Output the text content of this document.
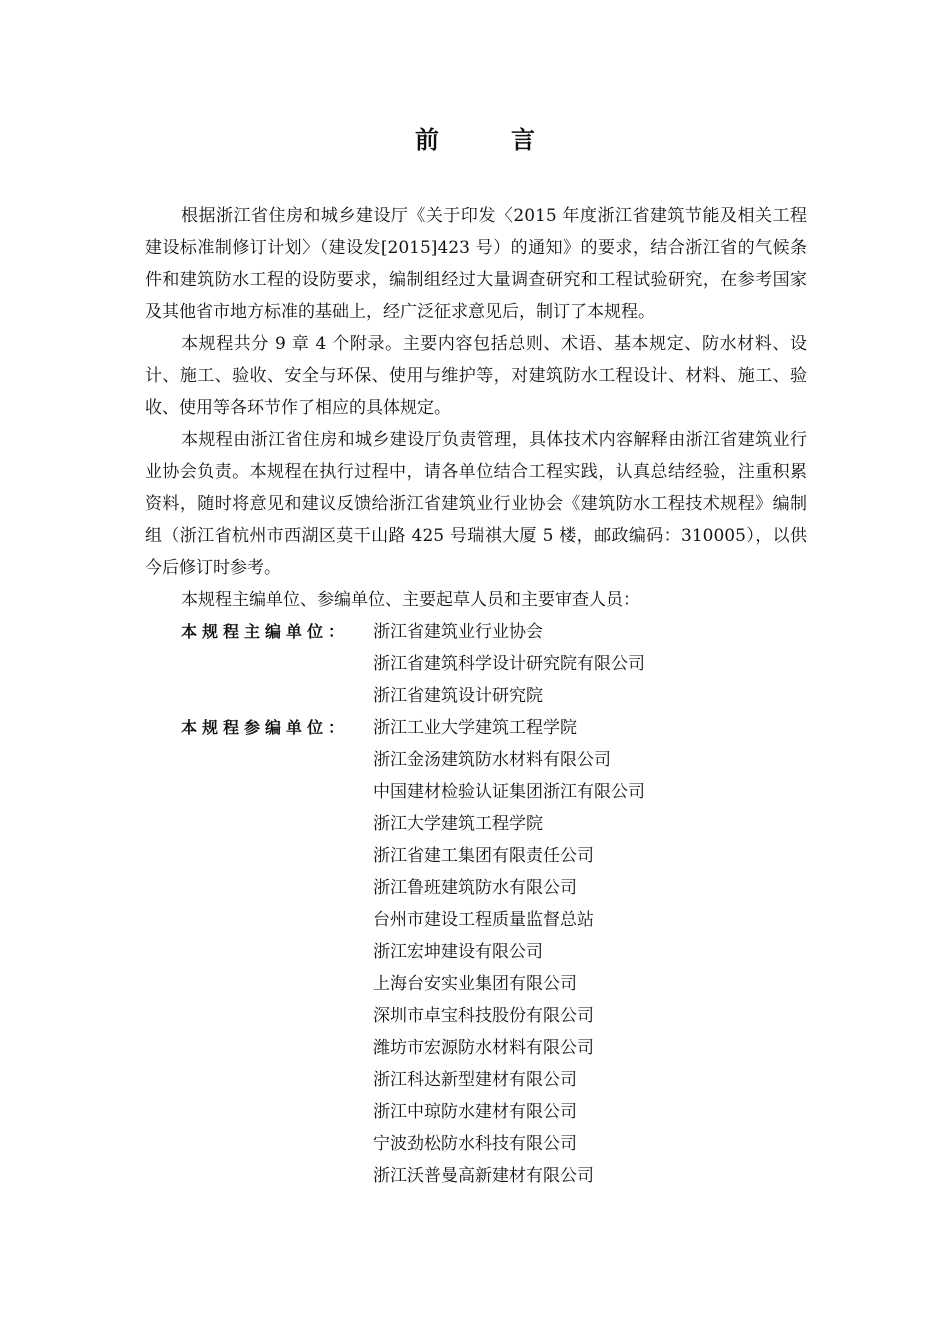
前　言

根据浙江省住房和城乡建设厅《关于印发〈2015 年度浙江省建筑节能及相关工程建设标准制修订计划〉（建设发[2015]423 号）的通知》的要求，结合浙江省的气候条件和建筑防水工程的设防要求，编制组经过大量调查研究和工程试验研究，在参考国家及其他省市地方标准的基础上，经广泛征求意见后，制订了本规程。

本规程共分 9 章 4 个附录。主要内容包括总则、术语、基本规定、防水材料、设计、施工、验收、安全与环保、使用与维护等，对建筑防水工程设计、材料、施工、验收、使用等各环节作了相应的具体规定。

本规程由浙江省住房和城乡建设厅负责管理，具体技术内容解释由浙江省建筑业行业协会负责。本规程在执行过程中，请各单位结合工程实践，认真总结经验，注重积累资料，随时将意见和建议反馈给浙江省建筑业行业协会《建筑防水工程技术规程》编制组（浙江省杭州市西湖区莫干山路 425 号瑞祺大厦 5 楼，邮政编码：310005），以供今后修订时参考。

本规程主编单位、参编单位、主要起草人员和主要审查人员：

本规程主编单位：	浙江省建筑业行业协会
浙江省建筑科学设计研究院有限公司
浙江省建筑设计研究院
本规程参编单位：	浙江工业大学建筑工程学院
浙江金汤建筑防水材料有限公司
中国建材检验认证集团浙江有限公司
浙江大学建筑工程学院
浙江省建工集团有限责任公司
浙江鲁班建筑防水有限公司
台州市建设工程质量监督总站
浙江宏坤建设有限公司
上海台安实业集团有限公司
深圳市卓宝科技股份有限公司
潍坊市宏源防水材料有限公司
浙江科达新型建材有限公司
浙江中琼防水建材有限公司
宁波劲松防水科技有限公司
浙江沃普曼高新建材有限公司
